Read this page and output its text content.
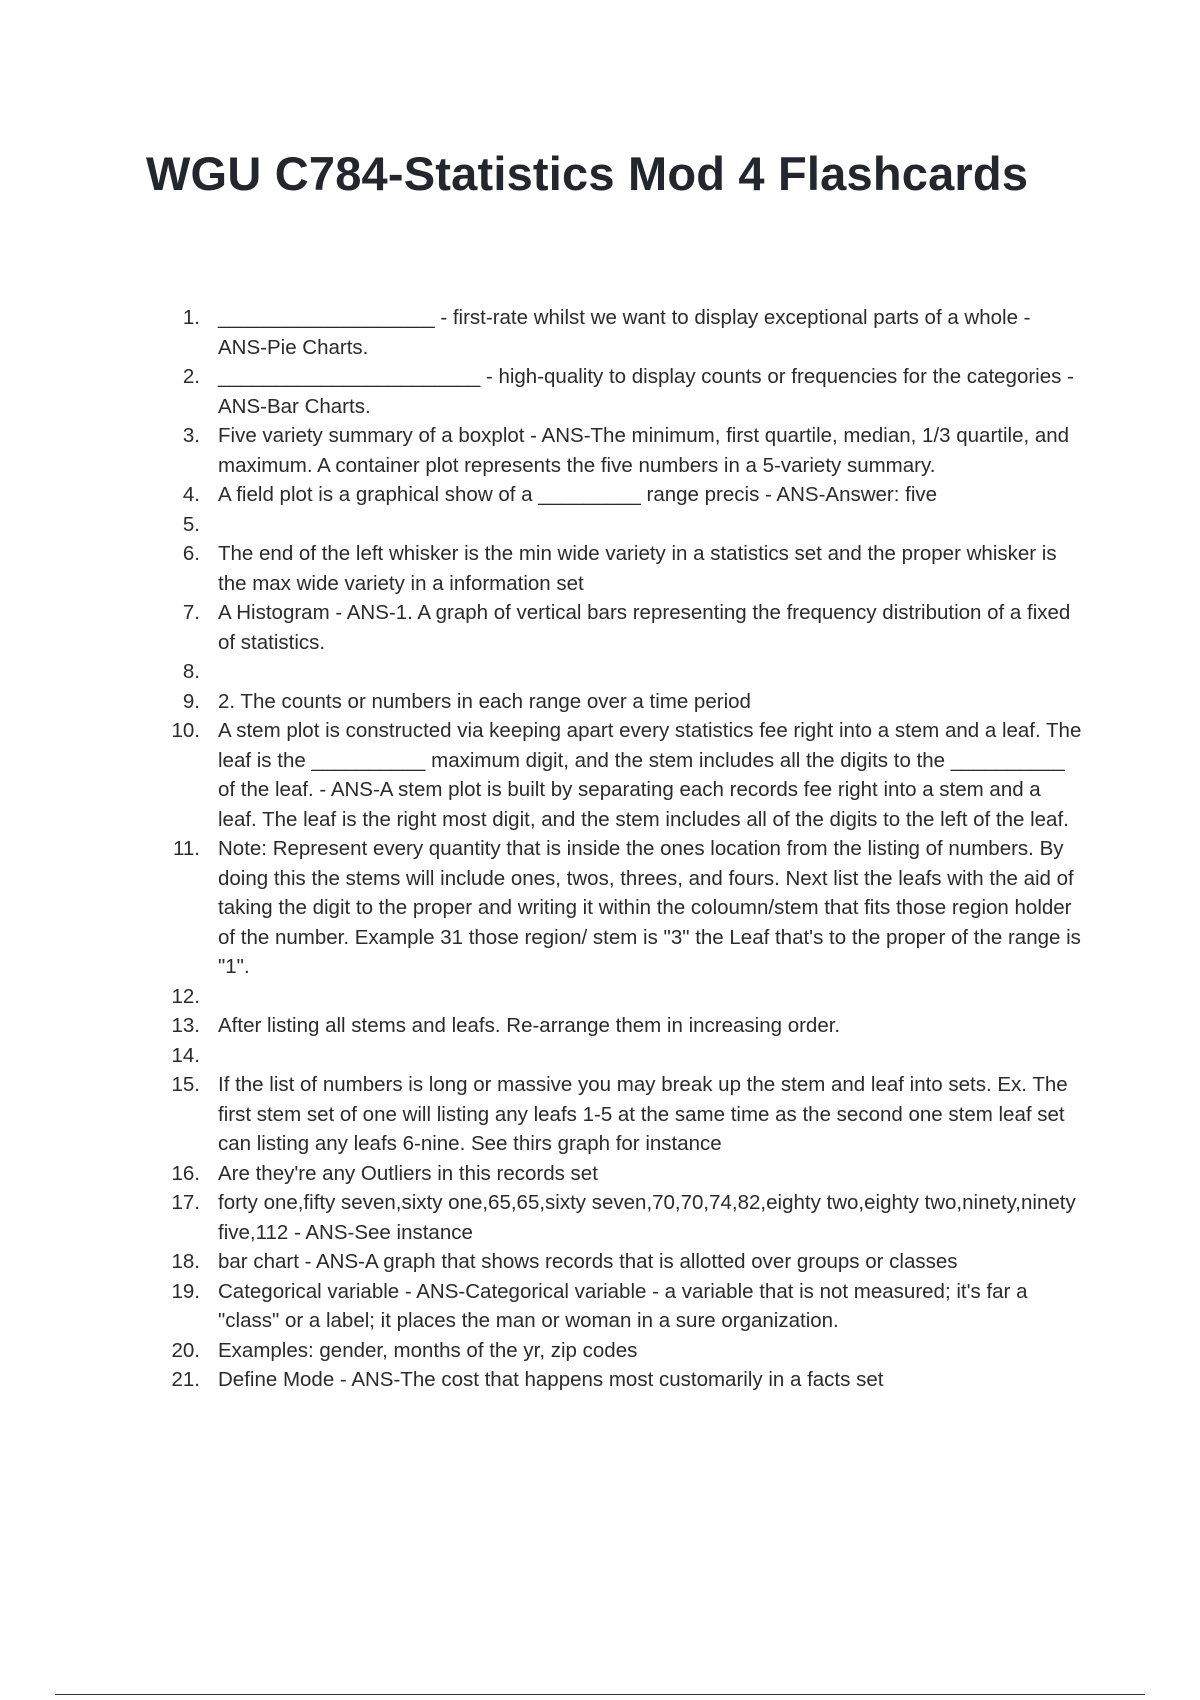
WGU C784-Statistics Mod 4 Flashcards
1. ___________________ - first-rate whilst we want to display exceptional parts of a whole - ANS-Pie Charts.
2. _______________________ - high-quality to display counts or frequencies for the categories - ANS-Bar Charts.
3. Five variety summary of a boxplot - ANS-The minimum, first quartile, median, 1/3 quartile, and maximum. A container plot represents the five numbers in a 5-variety summary.
4. A field plot is a graphical show of a _________ range precis - ANS-Answer: five
5.
6. The end of the left whisker is the min wide variety in a statistics set and the proper whisker is the max wide variety in a information set
7. A Histogram - ANS-1. A graph of vertical bars representing the frequency distribution of a fixed of statistics.
8.
9. 2. The counts or numbers in each range over a time period
10. A stem plot is constructed via keeping apart every statistics fee right into a stem and a leaf. The leaf is the __________ maximum digit, and the stem includes all the digits to the __________ of the leaf. - ANS-A stem plot is built by separating each records fee right into a stem and a leaf. The leaf is the right most digit, and the stem includes all of the digits to the left of the leaf.
11. Note: Represent every quantity that is inside the ones location from the listing of numbers. By doing this the stems will include ones, twos, threes, and fours. Next list the leafs with the aid of taking the digit to the proper and writing it within the coloumn/stem that fits those region holder of the number. Example 31 those region/ stem is "3" the Leaf that's to the proper of the range is "1".
12.
13. After listing all stems and leafs. Re-arrange them in increasing order.
14.
15. If the list of numbers is long or massive you may break up the stem and leaf into sets. Ex. The first stem set of one will listing any leafs 1-5 at the same time as the second one stem leaf set can listing any leafs 6-nine. See thirs graph for instance
16. Are they're any Outliers in this records set
17. forty one,fifty seven,sixty one,65,65,sixty seven,70,70,74,82,eighty two,eighty two,ninety,ninety five,112 - ANS-See instance
18. bar chart - ANS-A graph that shows records that is allotted over groups or classes
19. Categorical variable - ANS-Categorical variable - a variable that is not measured; it's far a "class" or a label; it places the man or woman in a sure organization.
20. Examples: gender, months of the yr, zip codes
21. Define Mode - ANS-The cost that happens most customarily in a facts set
